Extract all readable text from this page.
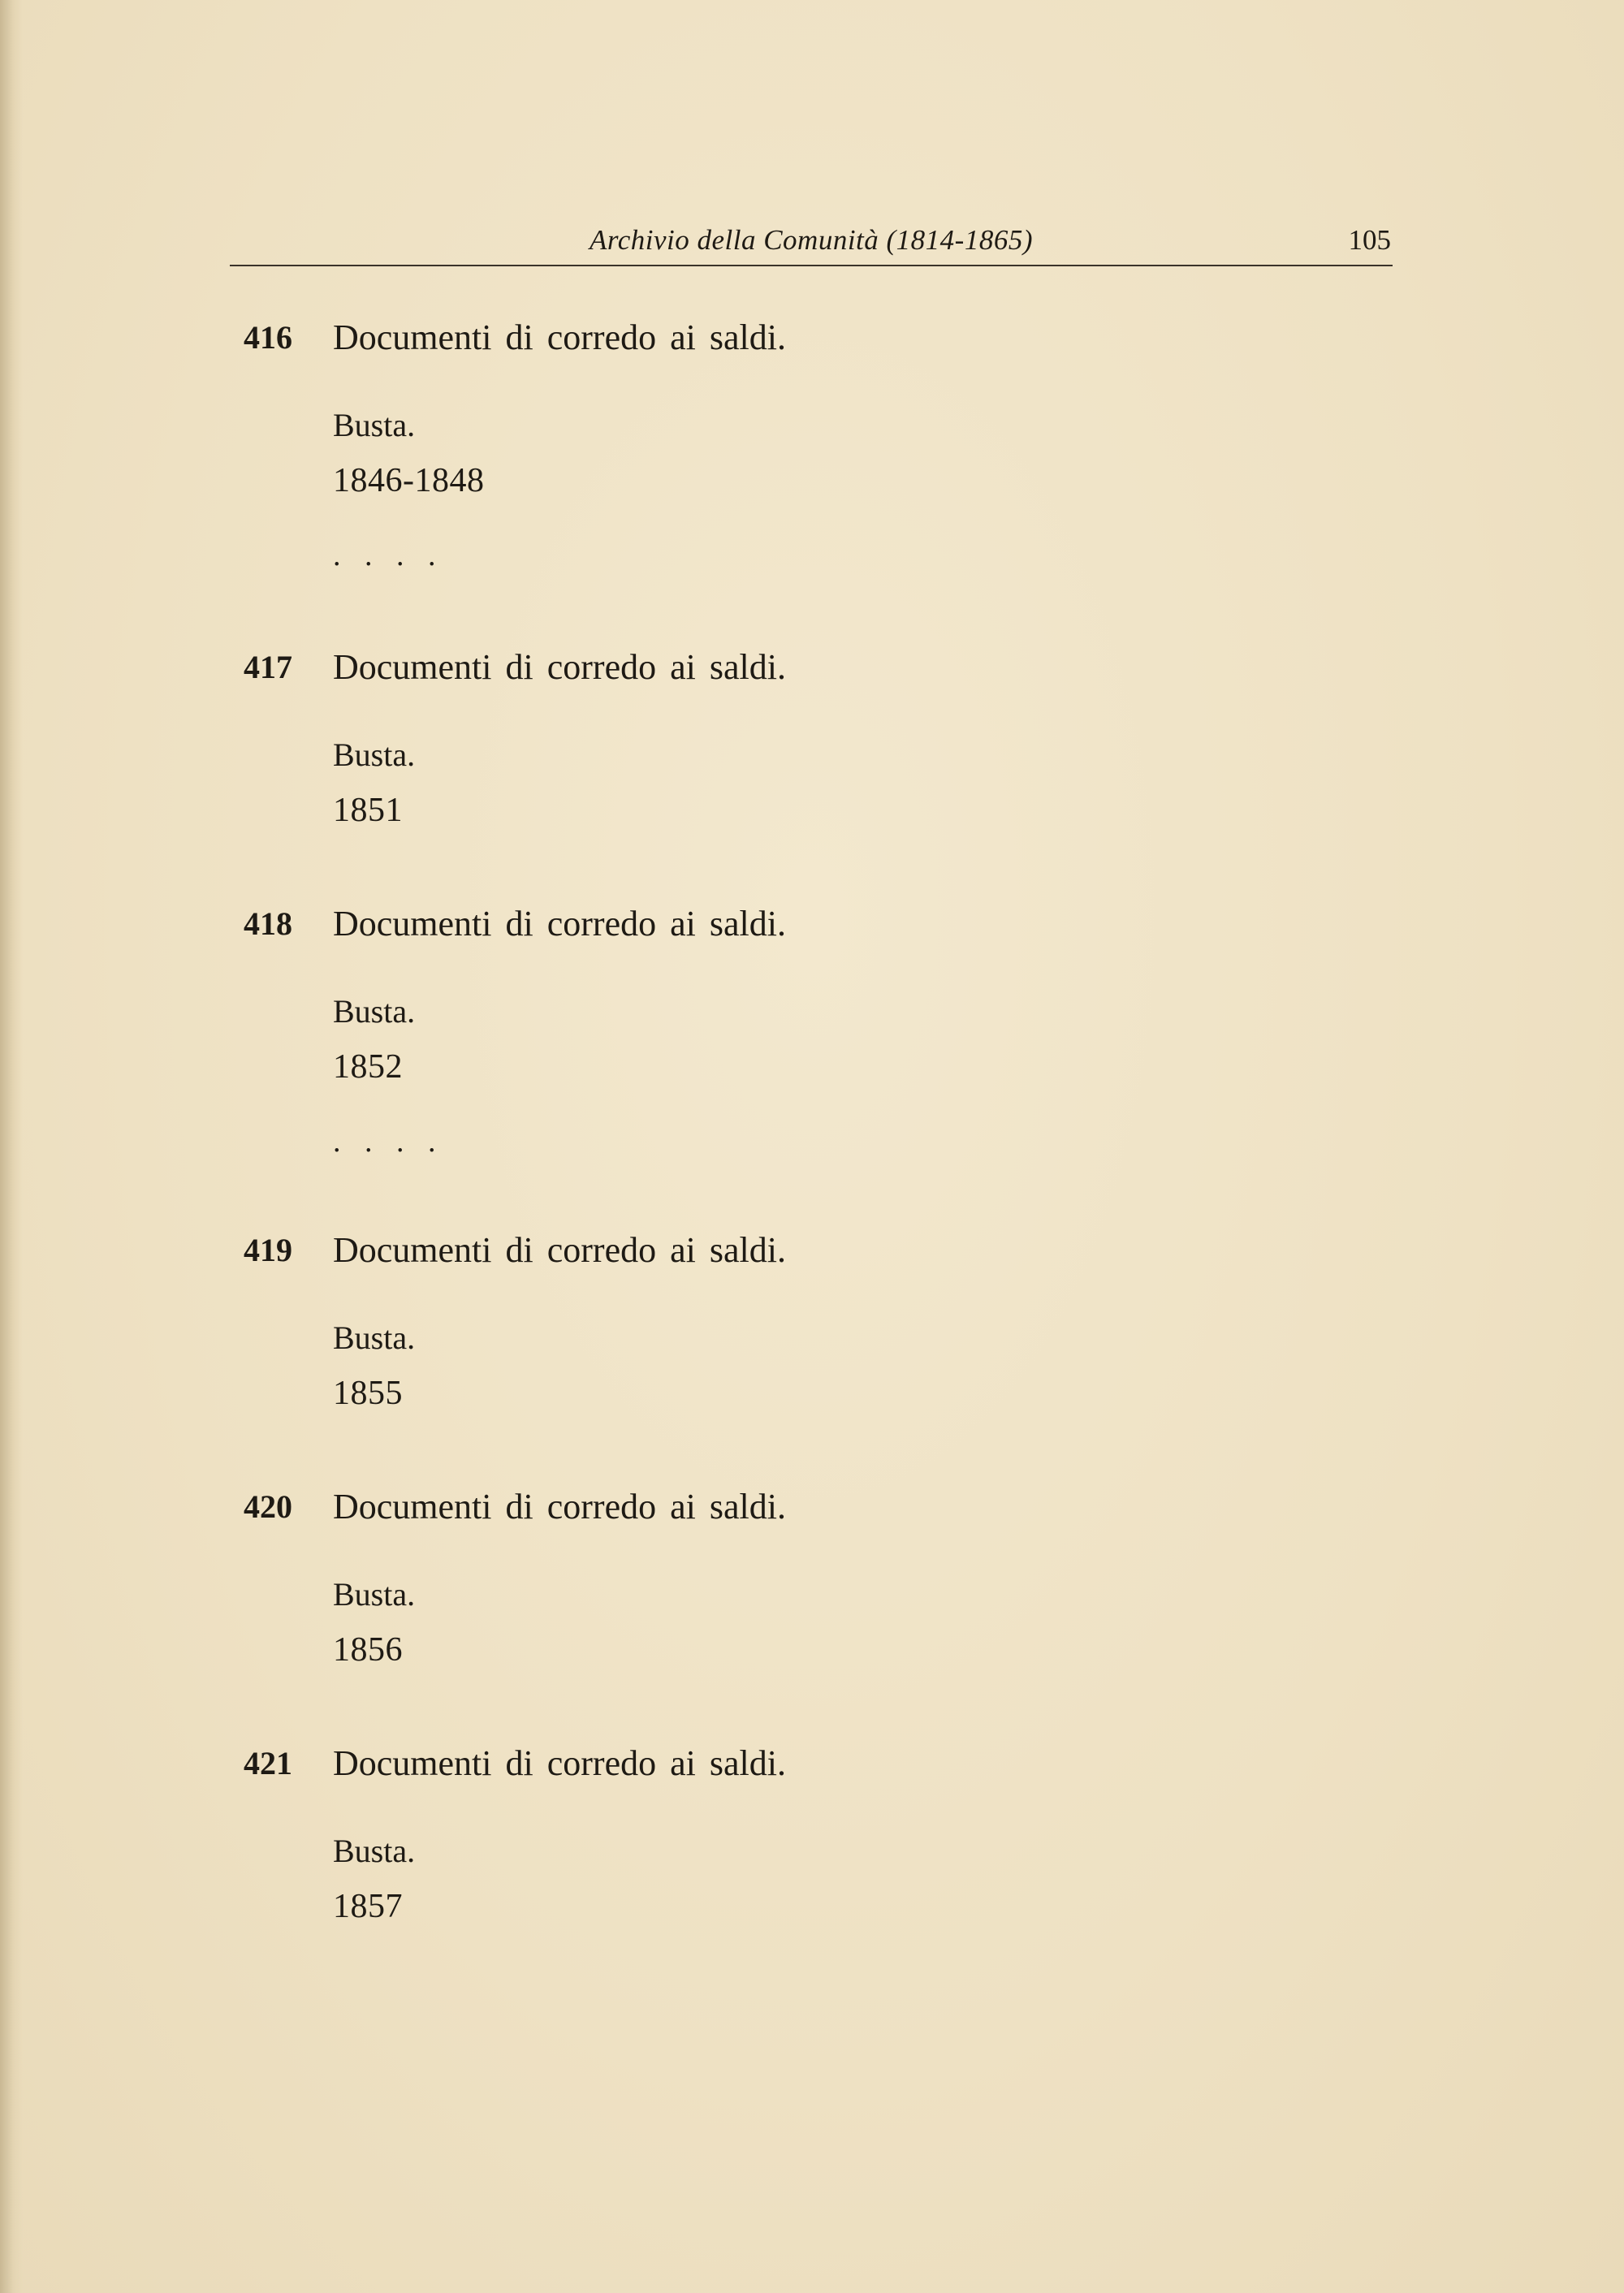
Archivio della Comunità (1814-1865)	105
416 Documenti di corredo ai saldi.
Busta.
1846-1848
. . . .
417 Documenti di corredo ai saldi.
Busta.
1851
418 Documenti di corredo ai saldi.
Busta.
1852
. . . .
419 Documenti di corredo ai saldi.
Busta.
1855
420 Documenti di corredo ai saldi.
Busta.
1856
421 Documenti di corredo ai saldi.
Busta.
1857
